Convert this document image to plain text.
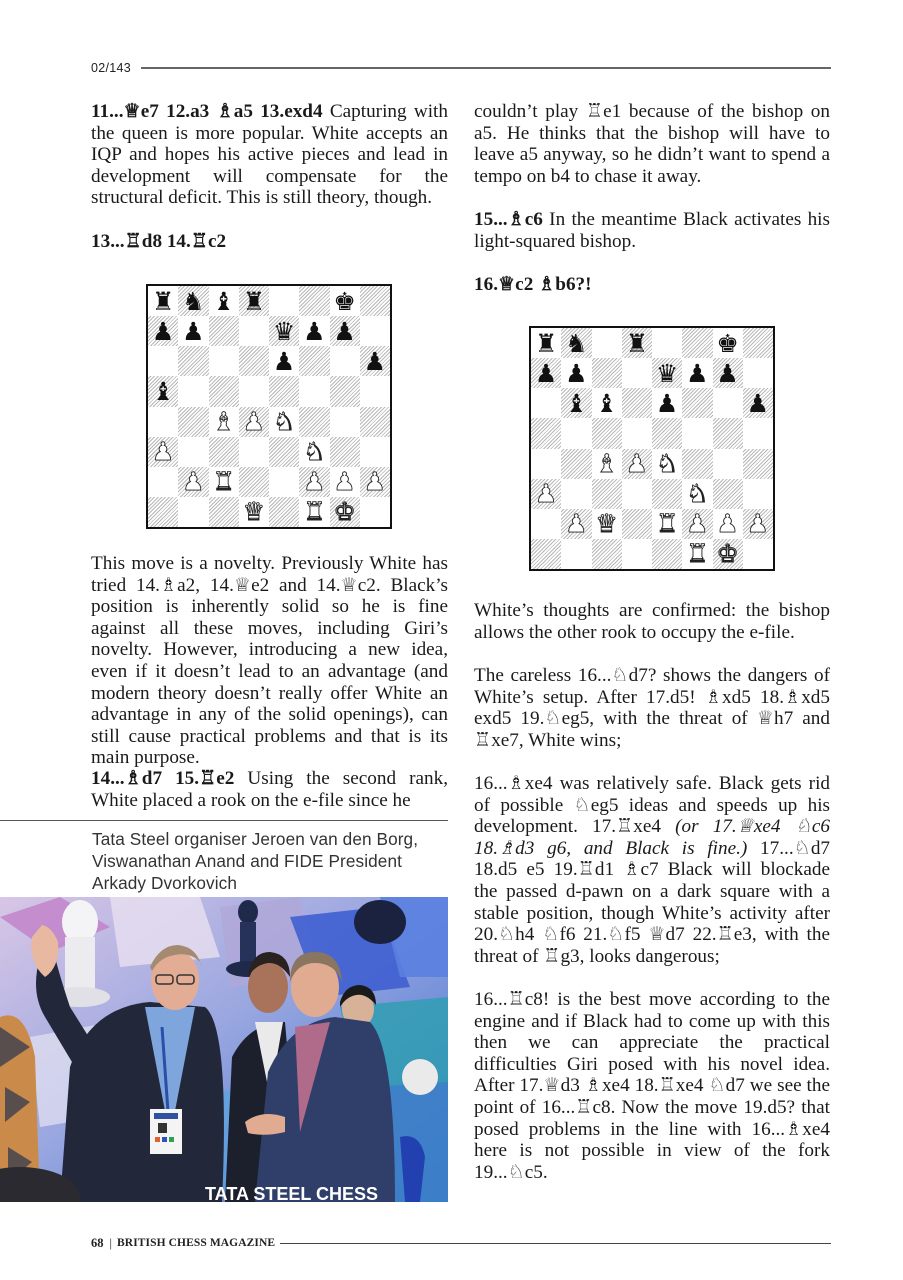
02/143

11...♕e7 12.a3 ♗a5 13.exd4 Capturing with the queen is more popular. White accepts an IQP and hopes his active pieces and lead in development will compensate for the structural deficit. This is still theory, though.

13...♖d8 14.♖c2

♜ ♞ ♝ ♜	♚
♟ ♟	♛ ♟ ♟
♟	♟
♝
♝ ♟ ♞
♟	♞
♟ ♜	♟ ♟ ♟
♛ ♜ ♚

This move is a novelty. Previously White has tried 14.♗a2, 14.♕e2 and 14.♕c2. Black’s position is inherently solid so he is fine against all these moves, including Giri’s novelty. However, introducing a new idea, even if it doesn’t lead to an advantage (and modern theory doesn’t really offer White an advantage in any of the solid openings), can still cause practical problems and that is its main purpose.

14...♗d7 15.♖e2 Using the second rank, White placed a rook on the e-file since he

Tata Steel organiser Jeroen van den Borg, Viswanathan Anand and FIDE President Arkady Dvorkovich
TATA STEEL CHESS

couldn’t play ♖e1 because of the bishop on a5. He thinks that the bishop will have to leave a5 anyway, so he didn’t want to spend a tempo on b4 to chase it away.

15...♗c6 In the meantime Black activates his light-squared bishop.

16.♕c2 ♗b6?!

White’s thoughts are confirmed: the bishop allows the other rook to occupy the e-file.

The careless 16...♘d7? shows the dangers of White’s setup. After 17.d5! ♗xd5 18.♗xd5 exd5 19.♘eg5, with the threat of ♕h7 and ♖xe7, White wins;

16...♗xe4 was relatively safe. Black gets rid of possible ♘eg5 ideas and speeds up his development. 17.♖xe4 (or 17.♕xe4 ♘c6 18.♗d3 g6, and Black is fine.) 17...♘d7 18.d5 e5 19.♖d1 ♗c7 Black will blockade the passed d-pawn on a dark square with a stable position, though White’s activity after 20.♘h4 ♘f6 21.♘f5 ♕d7 22.♖e3, with the threat of ♖g3, looks dangerous;

16...♖c8! is the best move according to the engine and if Black had to come up with this then we can appreciate the practical difficulties Giri posed with his novel idea. After 17.♕d3 ♗xe4 18.♖xe4 ♘d7 we see the point of 16...♖c8. Now the move 19.d5? that posed problems in the line with 16...♗xe4 here is not possible in view of the fork 19...♘c5.

♜ ♞ ♜	♚
♟ ♟	♛ ♟ ♟
♝ ♝ ♟	♟
♝ ♟ ♞
♟	♞
♟ ♛ ♜ ♟ ♟ ♟
♜ ♚
68 | BRITISH CHESS MAGAZINE
